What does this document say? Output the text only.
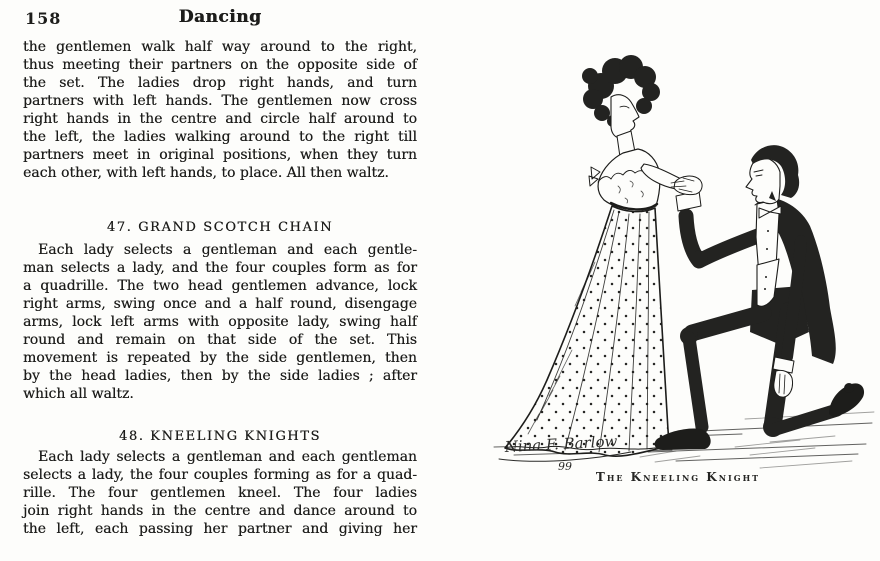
158	Dancing
the gentlemen walk half way around to the right,
thus meeting their partners on the opposite side of
the set. The ladies drop right hands, and turn
partners with left hands. The gentlemen now cross
right hands in the centre and circle half around to
the left, the ladies walking around to the right till
partners meet in original positions, when they turn
each other, with left hands, to place. All then waltz.
47. GRAND SCOTCH CHAIN
Each lady selects a gentleman and each gentle-
man selects a lady, and the four couples form as for
a quadrille. The two head gentlemen advance, lock
right arms, swing once and a half round, disengage
arms, lock left arms with opposite lady, swing half
round and remain on that side of the set. This
movement is repeated by the side gentlemen, then
by the head ladies, then by the side ladies ; after
which all waltz.
48. KNEELING KNIGHTS
Each lady selects a gentleman and each gentleman
selects a lady, the four couples forming as for a quad-
rille. The four gentlemen kneel. The four ladies
join right hands in the centre and dance around to
the left, each passing her partner and giving her
Nina F. Barlow
99
The Kneeling Knight
